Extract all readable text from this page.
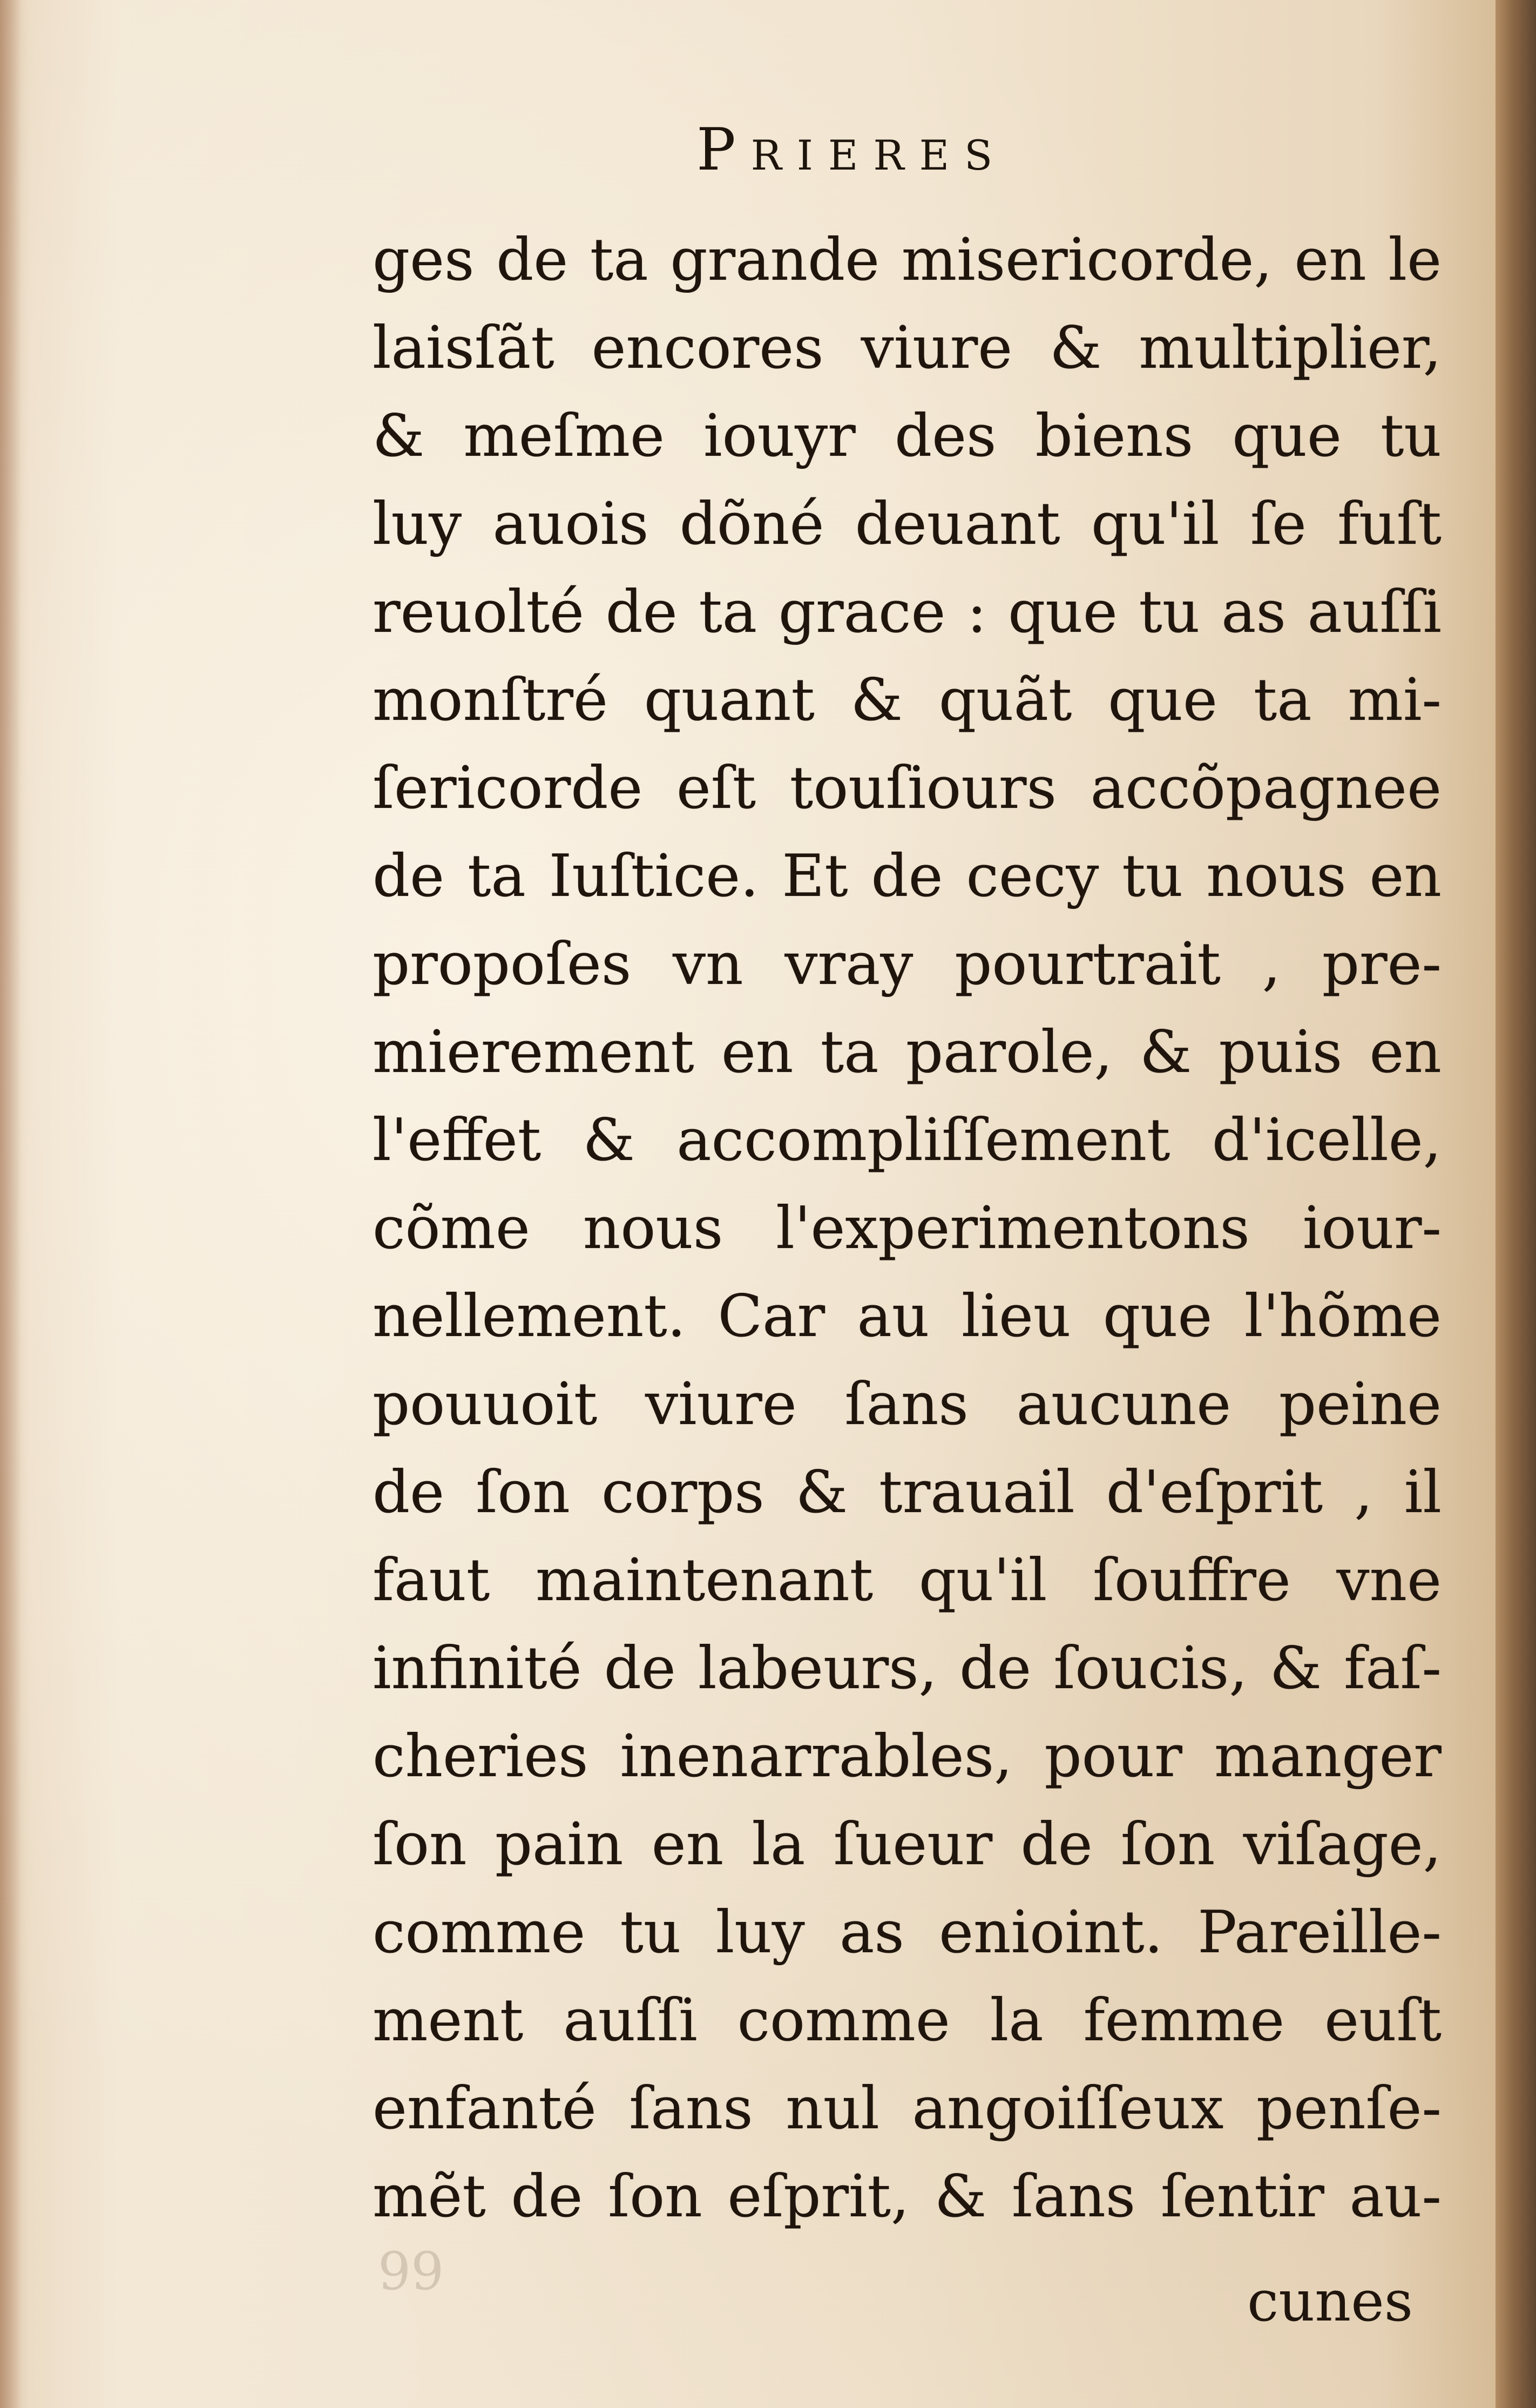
Prieres
ges de ta grande misericorde, en le
laisſãt encores viure & multiplier,
& meſme iouyr des biens que tu
luy auois dõné deuant qu'il ſe fuſt
reuolté de ta grace : que tu as auſſi
monſtré quant & quãt que ta mi-
ſericorde eſt touſiours accõpagnee
de ta Iuſtice. Et de cecy tu nous en
propoſes vn vray pourtrait , pre-
mierement en ta parole, & puis en
l'effet & accompliſſement d'icelle,
cõme nous l'experimentons iour-
nellement. Car au lieu que l'hõme
pouuoit viure ſans aucune peine
de ſon corps & trauail d'eſprit , il
faut maintenant qu'il ſouffre vne
infinité de labeurs, de ſoucis, & faſ-
cheries inenarrables, pour manger
ſon pain en la ſueur de ſon viſage,
comme tu luy as enioint. Pareille-
ment auſſi comme la femme euſt
enfanté ſans nul angoiſſeux penſe-
mẽt de ſon eſprit, & ſans ſentir au-
99	cunes
